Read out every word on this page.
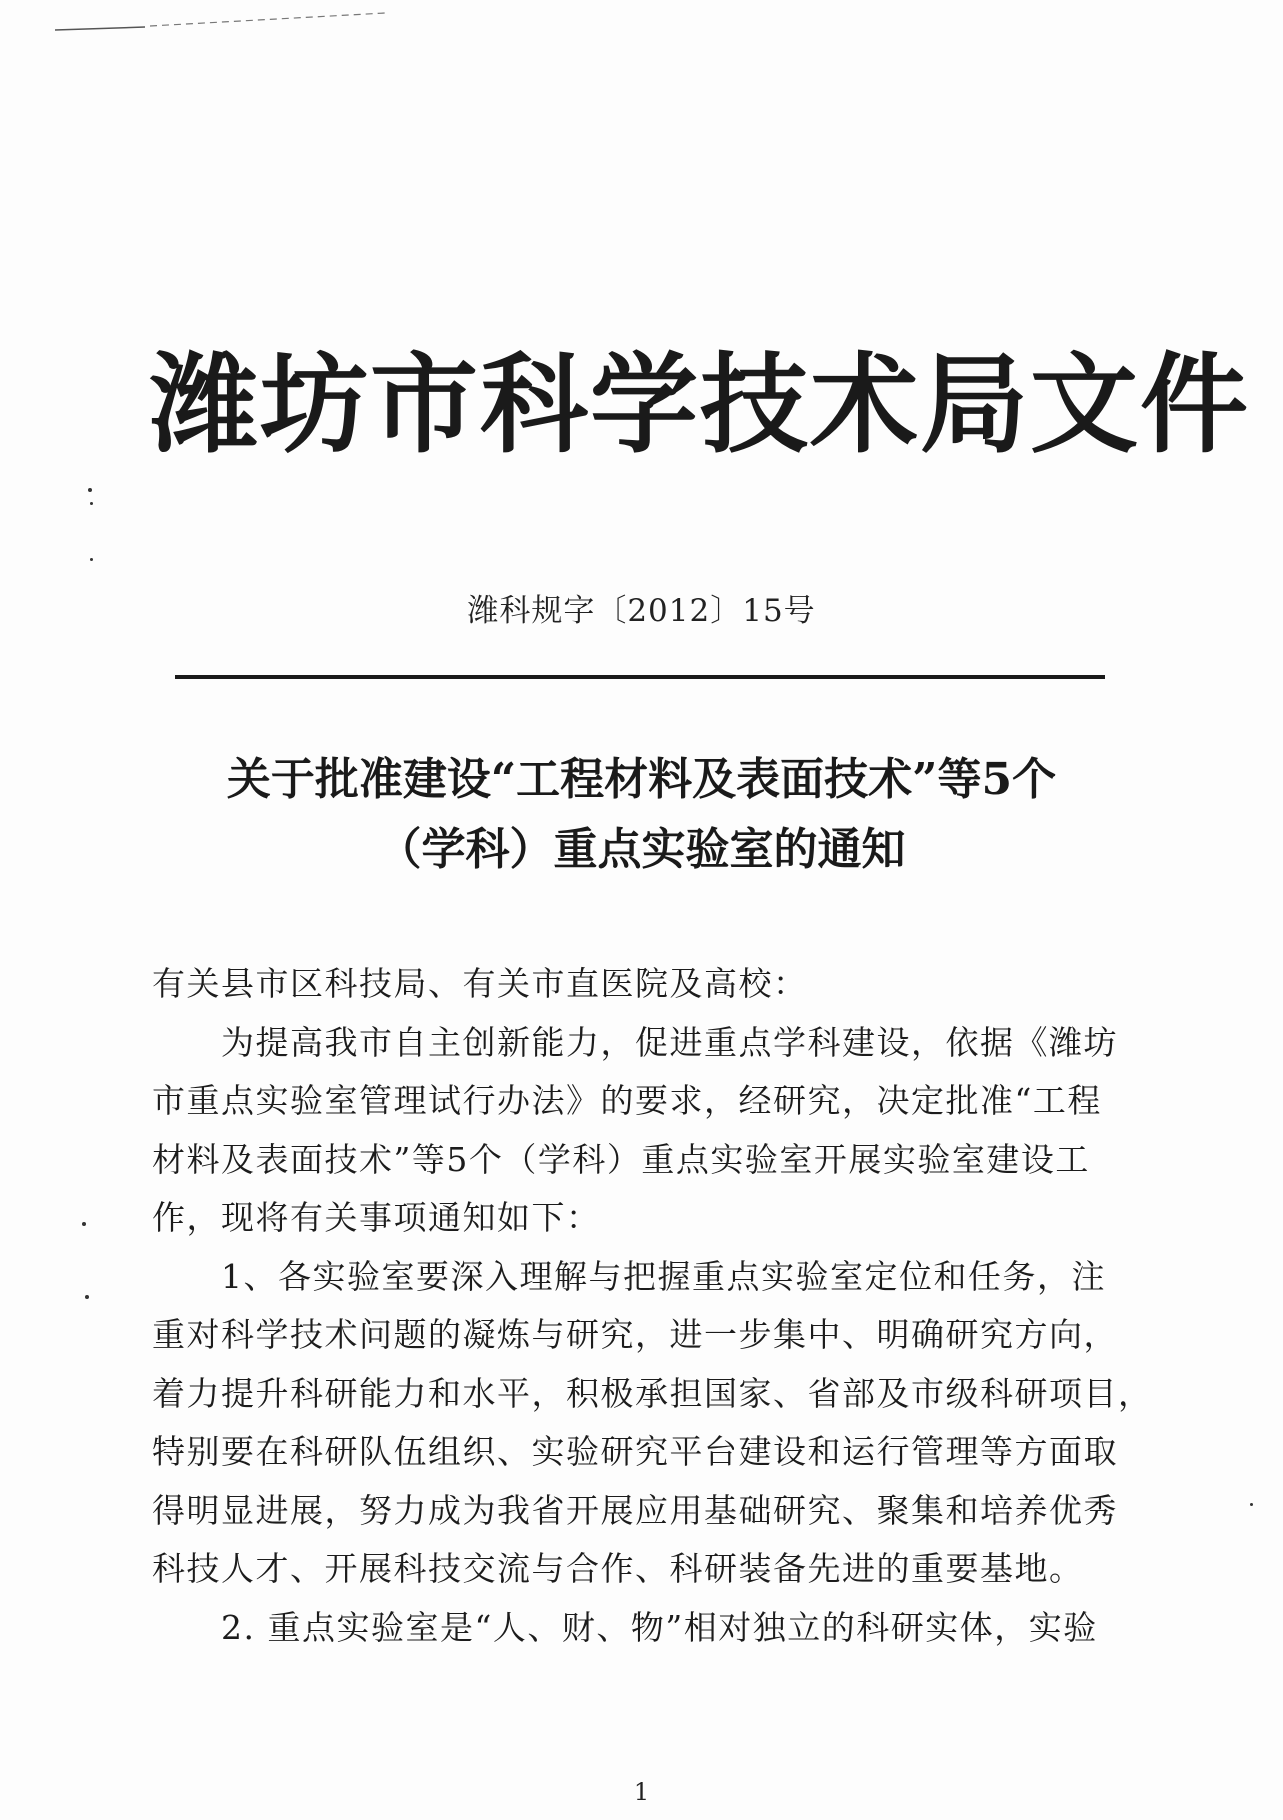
潍坊市科学技术局文件
潍科规字〔2012〕15号
关于批准建设“工程材料及表面技术”等5个
（学科）重点实验室的通知
有关县市区科技局、有关市直医院及高校：
　　为提高我市自主创新能力，促进重点学科建设，依据《潍坊
市重点实验室管理试行办法》的要求，经研究，决定批准“工程
材料及表面技术”等5个（学科）重点实验室开展实验室建设工
作，现将有关事项通知如下：
　　1、各实验室要深入理解与把握重点实验室定位和任务，注
重对科学技术问题的凝炼与研究，进一步集中、明确研究方向，
着力提升科研能力和水平，积极承担国家、省部及市级科研项目，
特别要在科研队伍组织、实验研究平台建设和运行管理等方面取
得明显进展，努力成为我省开展应用基础研究、聚集和培养优秀
科技人才、开展科技交流与合作、科研装备先进的重要基地。
　　2. 重点实验室是“人、财、物”相对独立的科研实体，实验
1
